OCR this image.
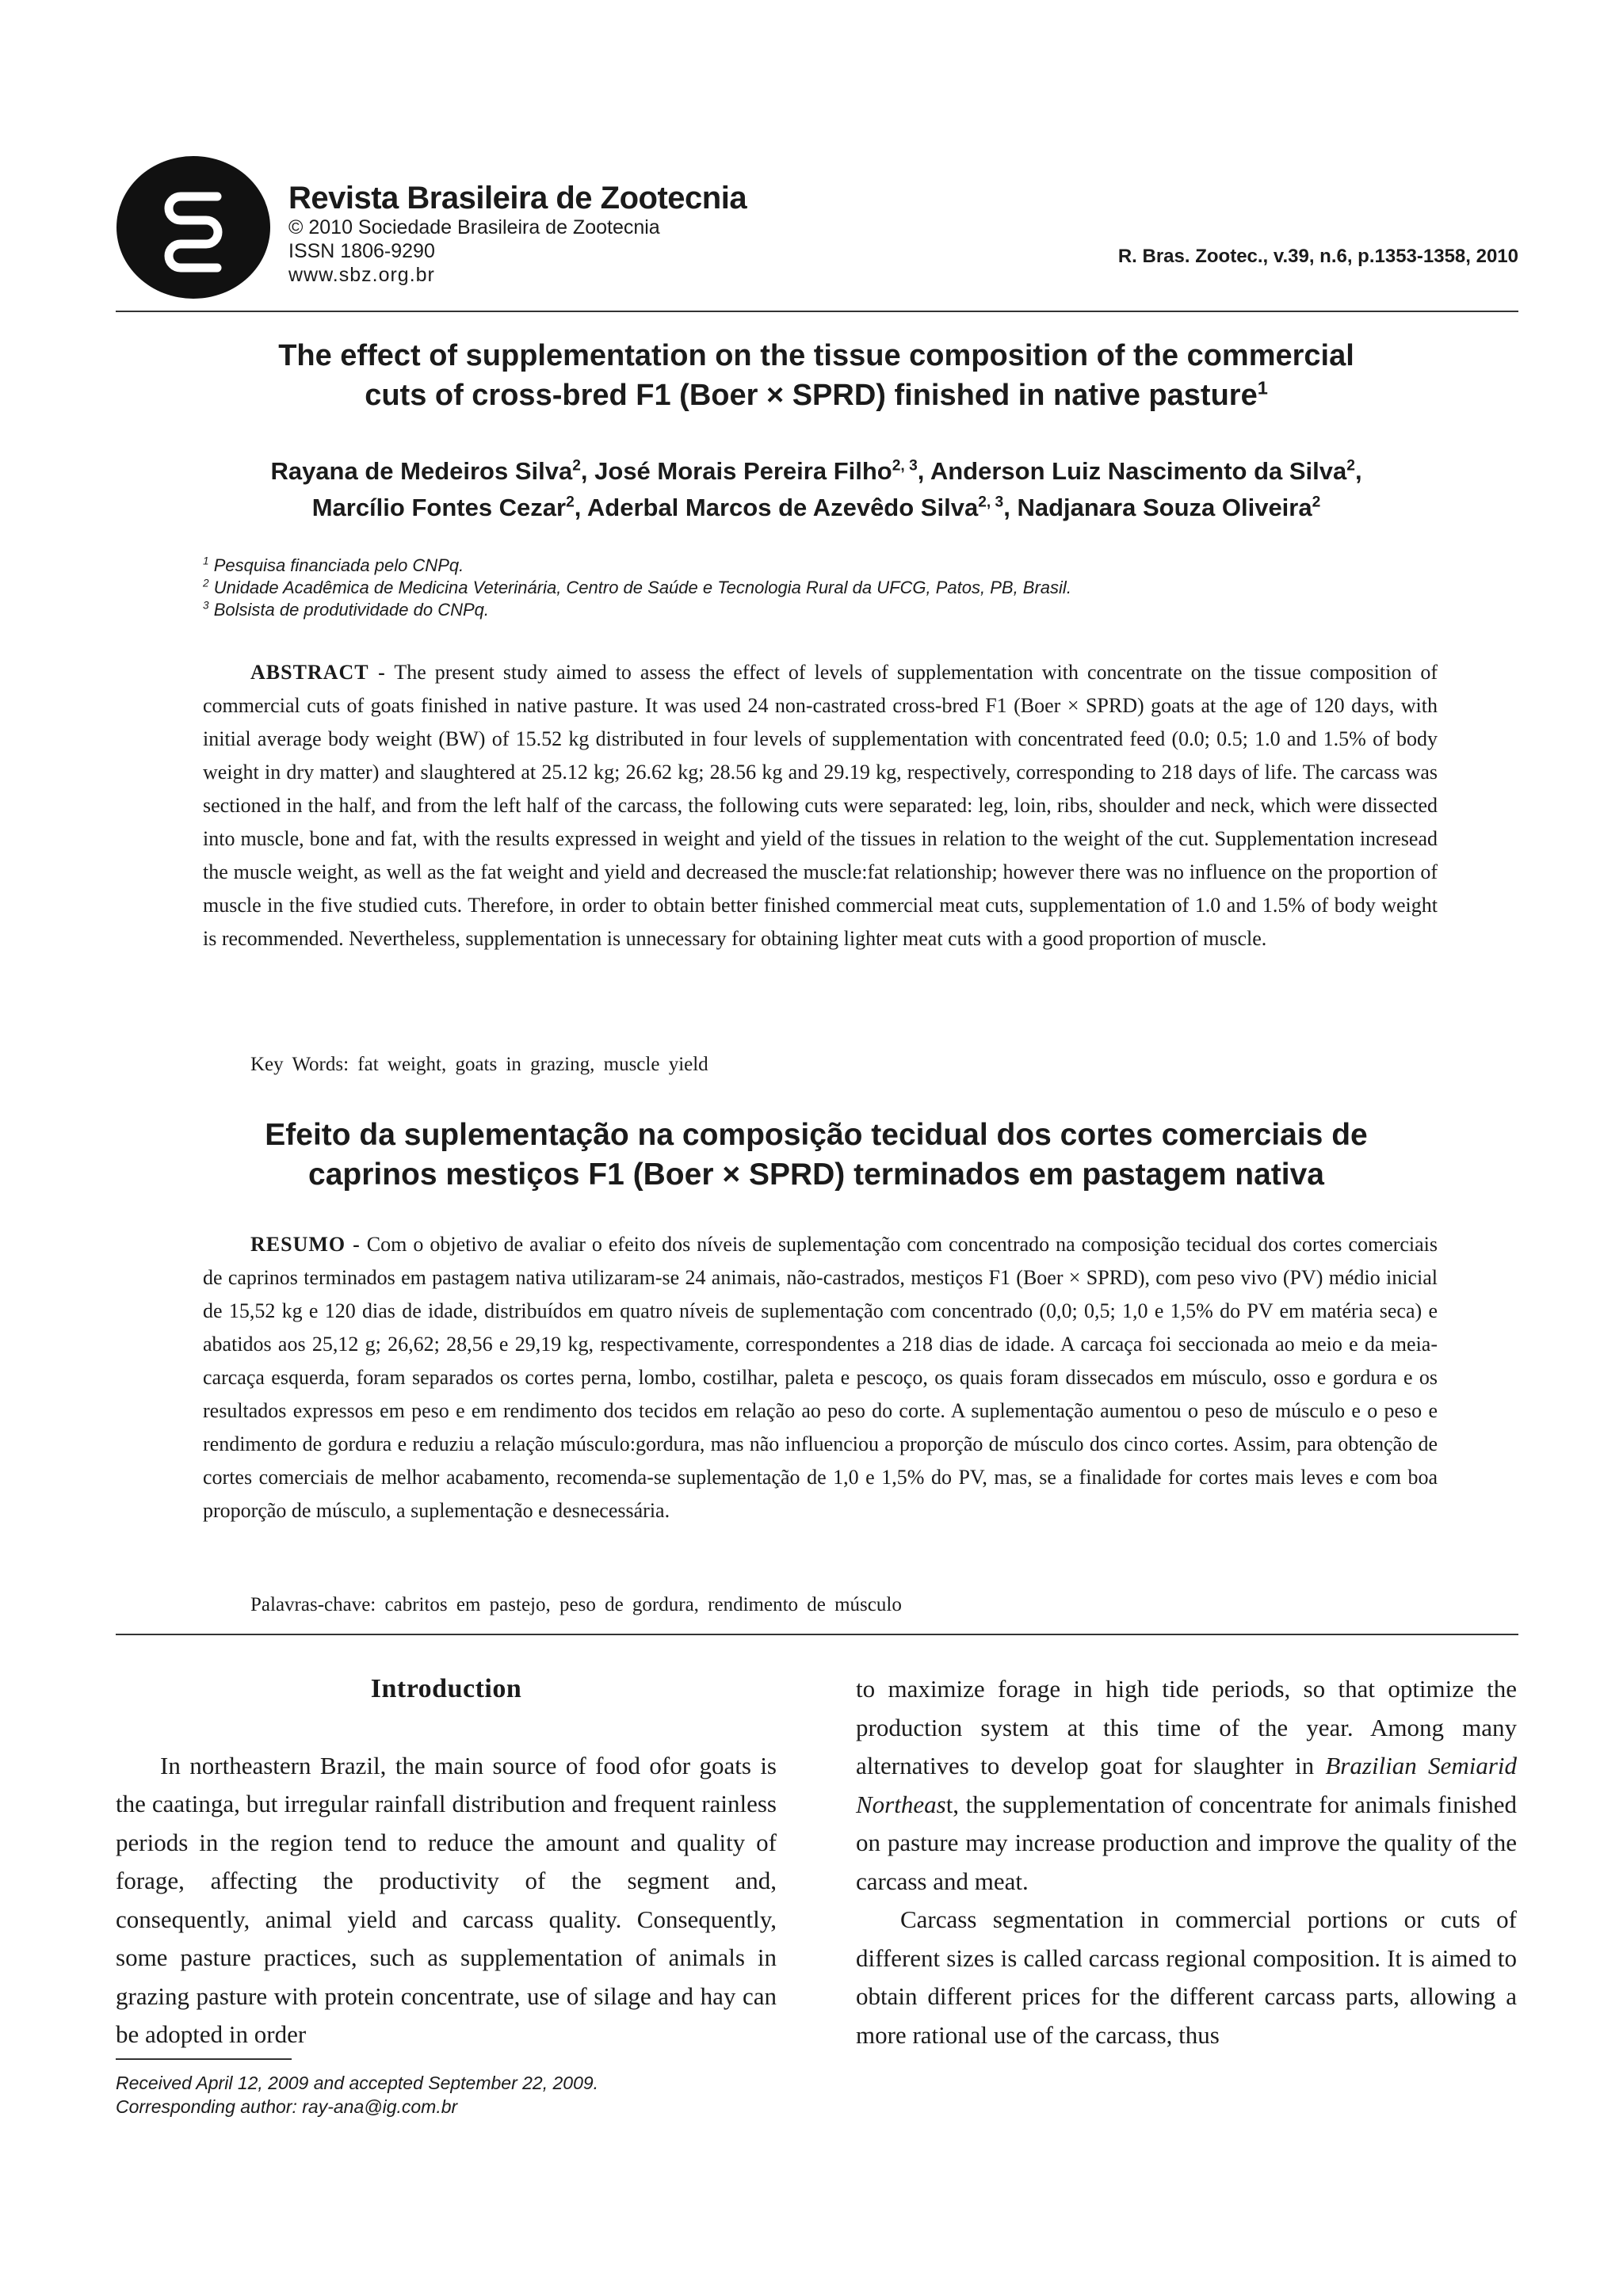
Revista Brasileira de Zootecnia
© 2010 Sociedade Brasileira de Zootecnia
ISSN 1806-9290
www.sbz.org.br
R. Bras. Zootec., v.39, n.6, p.1353-1358, 2010
The effect of supplementation on the tissue composition of the commercial
cuts of cross-bred F1 (Boer × SPRD) finished in native pasture$^1$
Rayana de Medeiros Silva$^2$, José Morais Pereira Filho$^{2, 3}$, Anderson Luiz Nascimento da Silva$^2$,
Marcílio Fontes Cezar$^2$, Aderbal Marcos de Azevêdo Silva$^{2, 3}$, Nadjanara Souza Oliveira$^2$
$^1$ Pesquisa financiada pelo CNPq.
$^2$ Unidade Acadêmica de Medicina Veterinária, Centro de Saúde e Tecnologia Rural da UFCG, Patos, PB, Brasil.
$^3$ Bolsista de produtividade do CNPq.
ABSTRACT - The present study aimed to assess the effect of levels of supplementation with concentrate on the tissue composition of commercial cuts of goats finished in native pasture. It was used 24 non-castrated cross-bred F1 (Boer × SPRD) goats at the age of 120 days, with initial average body weight (BW) of 15.52 kg distributed in four levels of supplementation with concentrated feed (0.0; 0.5; 1.0 and 1.5% of body weight in dry matter) and slaughtered at 25.12 kg; 26.62 kg; 28.56 kg and 29.19 kg, respectively, corresponding to 218 days of life. The carcass was sectioned in the half, and from the left half of the carcass, the following cuts were separated: leg, loin, ribs, shoulder and neck, which were dissected into muscle, bone and fat, with the results expressed in weight and yield of the tissues in relation to the weight of the cut. Supplementation incresead the muscle weight, as well as the fat weight and yield and decreased the muscle:fat relationship; however there was no influence on the proportion of muscle in the five studied cuts. Therefore, in order to obtain better finished commercial meat cuts, supplementation of 1.0 and 1.5% of body weight is recommended. Nevertheless, supplementation is unnecessary for obtaining lighter meat cuts with a good proportion of muscle.
Key Words: fat weight, goats in grazing, muscle yield
Efeito da suplementação na composição tecidual dos cortes comerciais de
caprinos mestiços F1 (Boer × SPRD) terminados em pastagem nativa
RESUMO - Com o objetivo de avaliar o efeito dos níveis de suplementação com concentrado na composição tecidual dos cortes comerciais de caprinos terminados em pastagem nativa utilizaram-se 24 animais, não-castrados, mestiços F1 (Boer × SPRD), com peso vivo (PV) médio inicial de 15,52 kg e 120 dias de idade, distribuídos em quatro níveis de suplementação com concentrado (0,0; 0,5; 1,0 e 1,5% do PV em matéria seca) e abatidos aos 25,12 g; 26,62; 28,56 e 29,19 kg, respectivamente, correspondentes a 218 dias de idade. A carcaça foi seccionada ao meio e da meia-carcaça esquerda, foram separados os cortes perna, lombo, costilhar, paleta e pescoço, os quais foram dissecados em músculo, osso e gordura e os resultados expressos em peso e em rendimento dos tecidos em relação ao peso do corte. A suplementação aumentou o peso de músculo e o peso e rendimento de gordura e reduziu a relação músculo:gordura, mas não influenciou a proporção de músculo dos cinco cortes. Assim, para obtenção de cortes comerciais de melhor acabamento, recomenda-se suplementação de 1,0 e 1,5% do PV, mas, se a finalidade for cortes mais leves e com boa proporção de músculo, a suplementação e desnecessária.
Palavras-chave: cabritos em pastejo, peso de gordura, rendimento de músculo
Introduction

In northeastern Brazil, the main source of food ofor goats is the caatinga, but irregular rainfall distribution and frequent rainless periods in the region tend to reduce the amount and quality of forage, affecting the productivity of the segment and, consequently, animal yield and carcass quality. Consequently, some pasture practices, such as supplementation of animals in grazing pasture with protein concentrate, use of silage and hay can be adopted in order

to maximize forage in high tide periods, so that optimize the production system at this time of the year. Among many alternatives to develop goat for slaughter in Brazilian Semiarid Northeast, the supplementation of concentrate for animals finished on pasture may increase production and improve the quality of the carcass and meat.

Carcass segmentation in commercial portions or cuts of different sizes is called carcass regional composition. It is aimed to obtain different prices for the different carcass parts, allowing a more rational use of the carcass, thus

Received April 12, 2009 and accepted September 22, 2009.
Corresponding author: ray-ana@ig.com.br
